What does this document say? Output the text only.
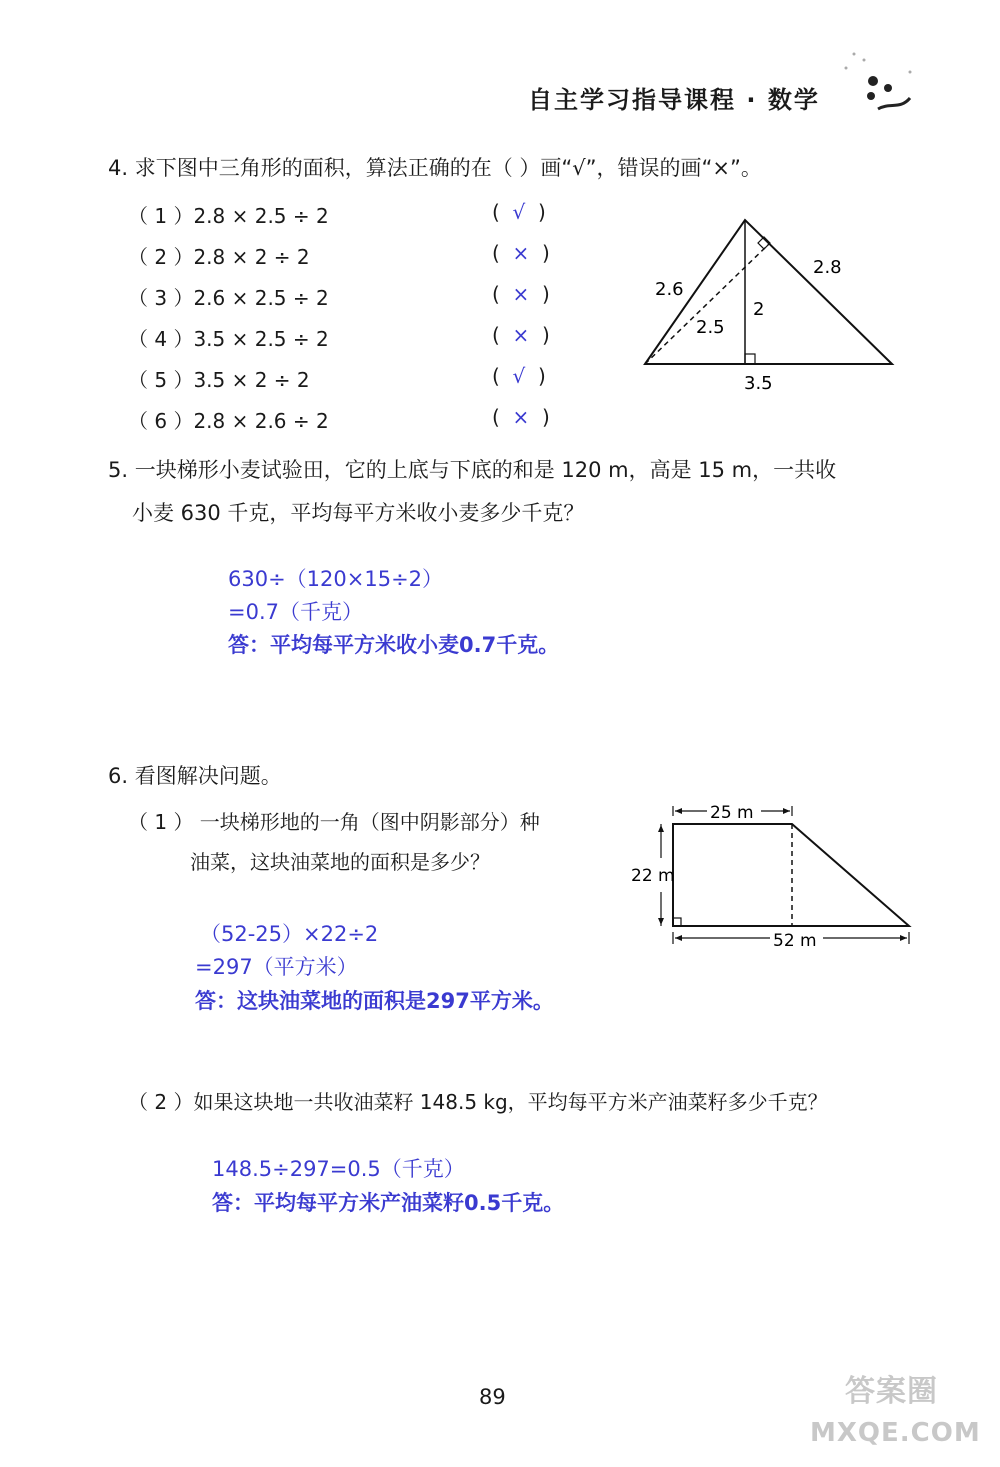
自主学习指导课程 · 数学
4. 求下图中三角形的面积，算法正确的在（ ）画“√”，错误的画“×”。
（ 1 ）2.8 × 2.5 ÷ 2
（ 2 ）2.8 × 2 ÷ 2
（ 3 ）2.6 × 2.5 ÷ 2
（ 4 ）3.5 × 2.5 ÷ 2
（ 5 ）3.5 × 2 ÷ 2
（ 6 ）2.8 × 2.6 ÷ 2
(  √  )
(  ×  )
(  ×  )
(  ×  )
(  √  )
(  ×  )
2.6
2.8
2
2.5
3.5
5. 一块梯形小麦试验田，它的上底与下底的和是 120 m，高是 15 m，一共收
小麦 630 千克，平均每平方米收小麦多少千克？
630÷（120×15÷2）
=0.7（千克）
答：平均每平方米收小麦0.7千克。
6. 看图解决问题。
（ 1 ） 一块梯形地的一角（图中阴影部分）种
油菜，这块油菜地的面积是多少？
（52-25）×22÷2
=297（平方米）
答：这块油菜地的面积是297平方米。
25 m
22 m
52 m
（ 2 ）如果这块地一共收油菜籽 148.5 kg，平均每平方米产油菜籽多少千克？
148.5÷297=0.5（千克）
答：平均每平方米产油菜籽0.5千克。
89	答案圈
MXQE.COM
